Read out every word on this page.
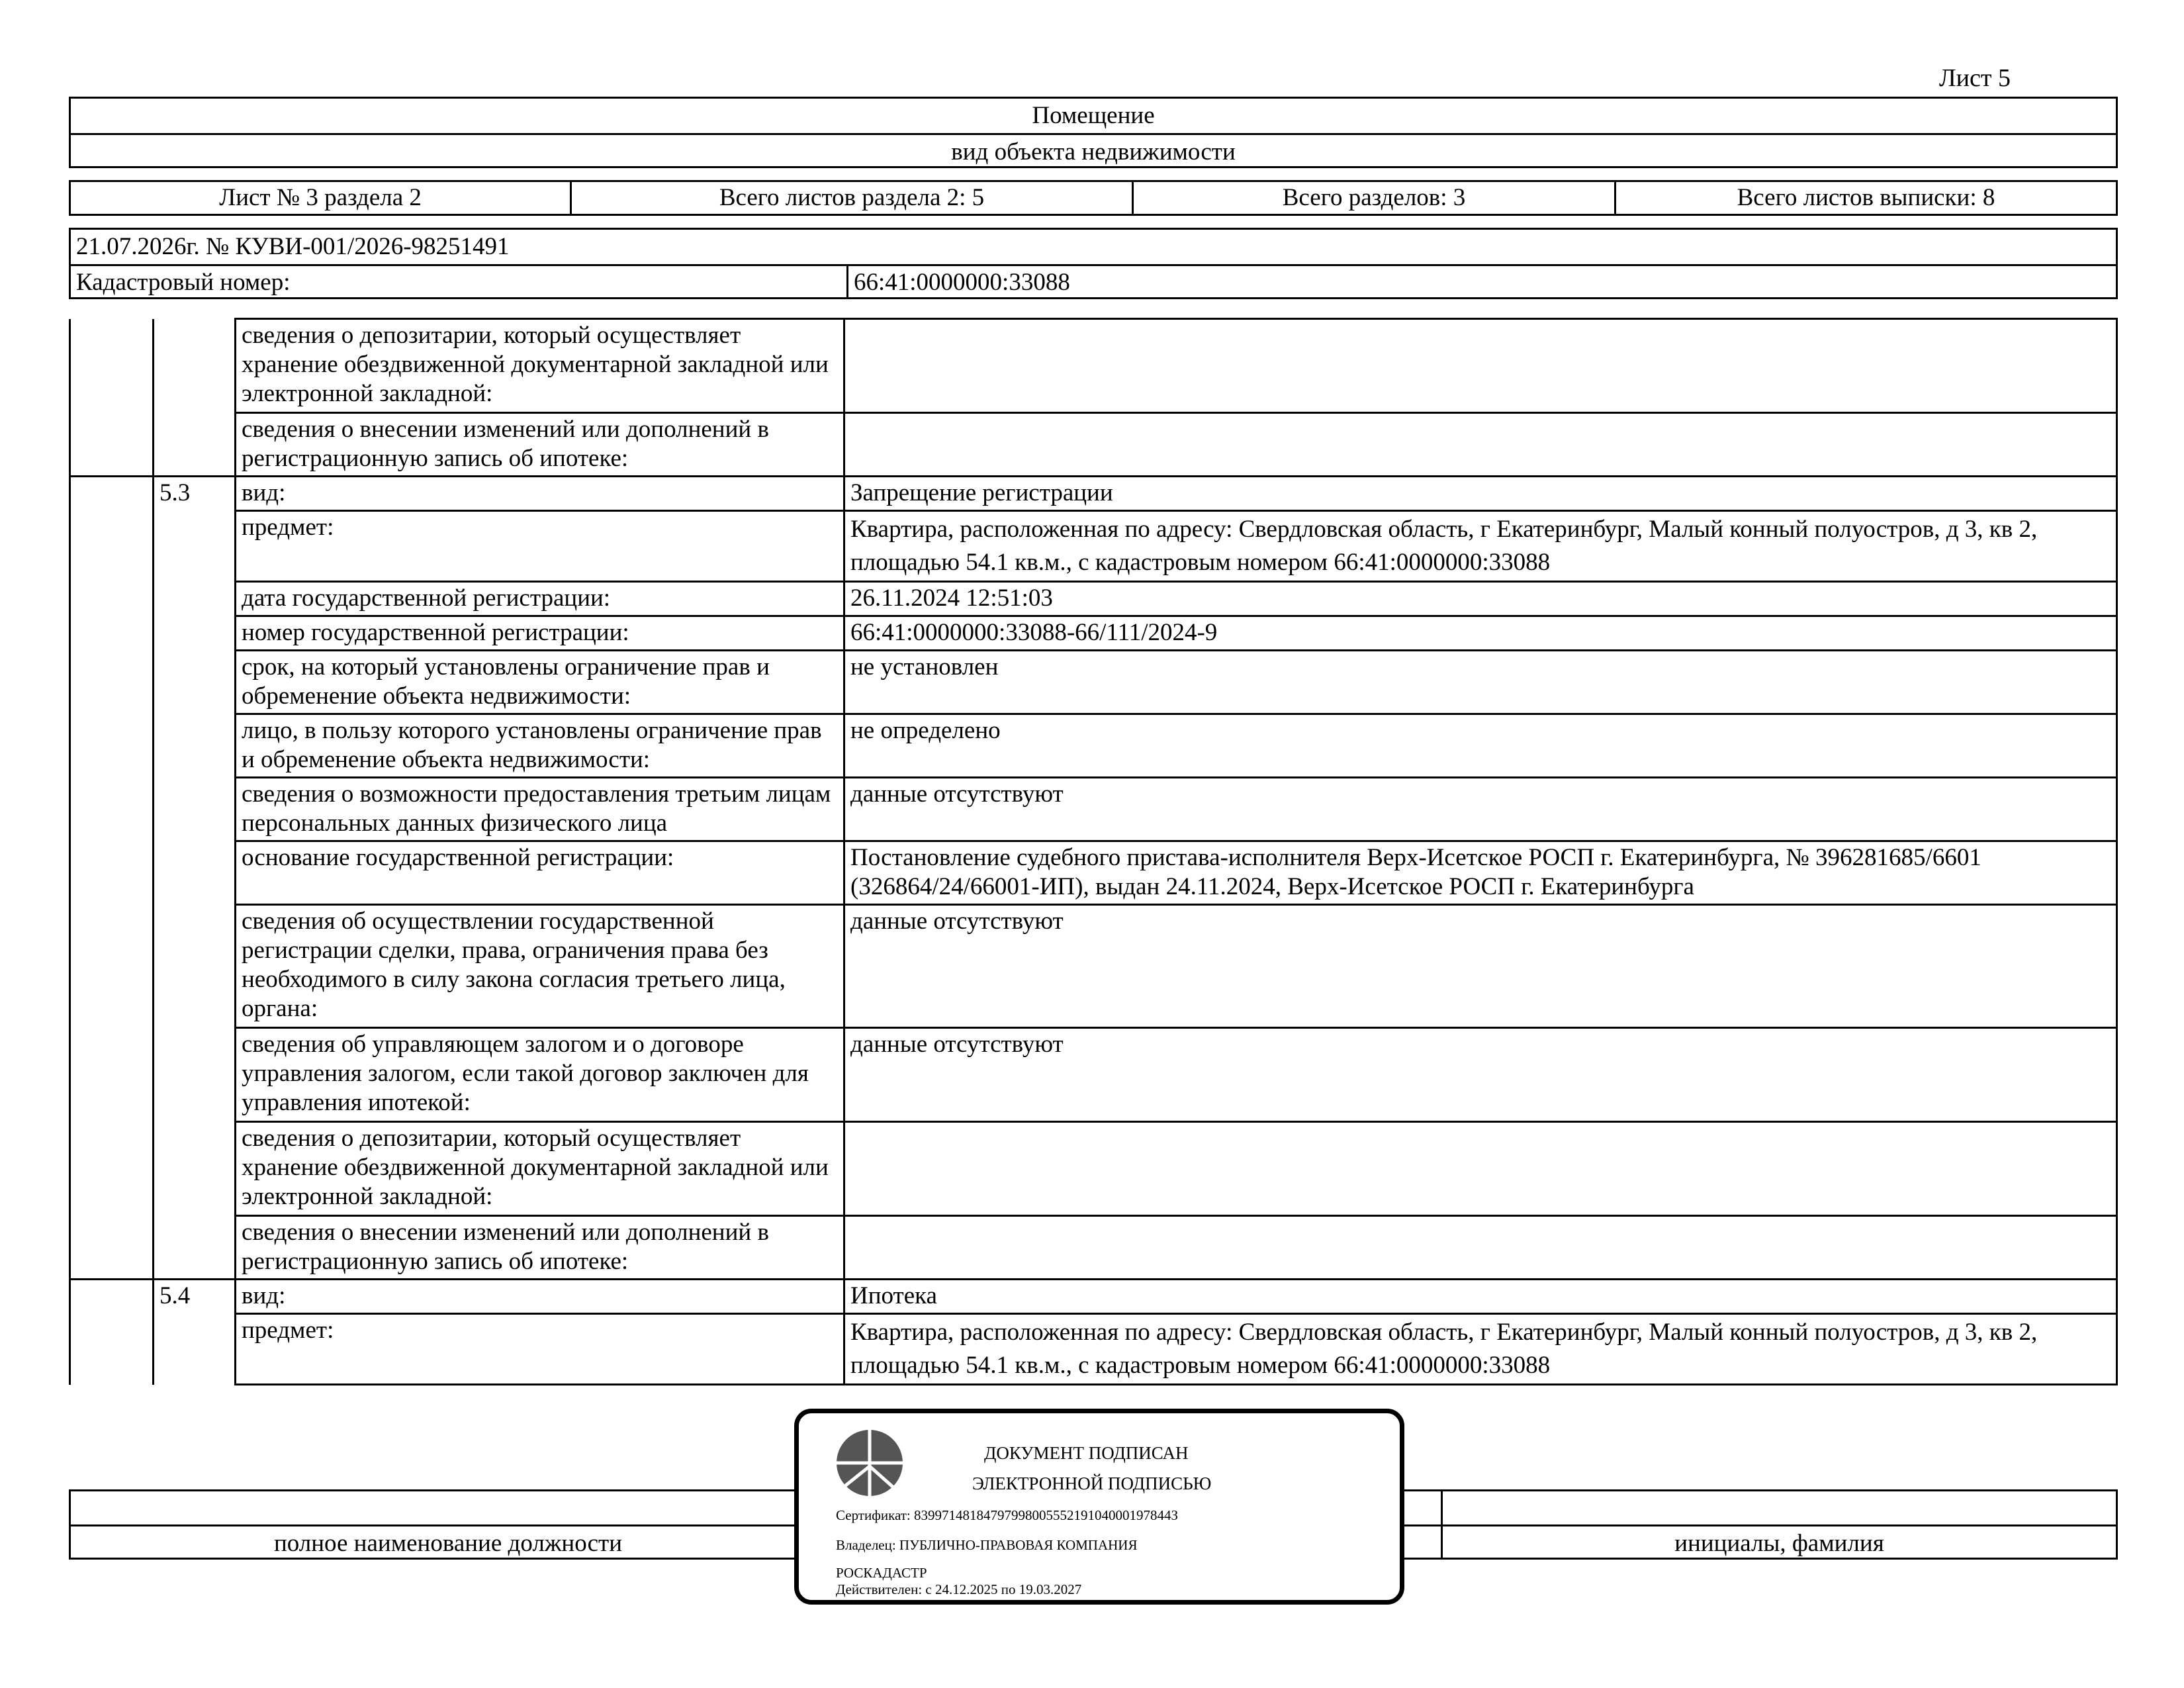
Лист 5
Помещение
вид объекта недвижимости
Лист № 3 раздела 2	Всего листов раздела 2: 5	Всего разделов: 3	Всего листов выписки: 8
21.07.2026г. № КУВИ-001/2026-98251491
Кадастровый номер:	66:41:0000000:33088
		сведения о депозитарии, который осуществляет хранение обездвиженной документарной закладной или электронной закладной:	
		сведения о внесении изменений или дополнений в регистрационную запись об ипотеке:	
	5.3	вид:	Запрещение регистрации
		предмет:	Квартира, расположенная по адресу: Свердловская область, г Екатеринбург, Малый конный полуостров, д 3, кв 2, площадью 54.1 кв.м., с кадастровым номером 66:41:0000000:33088
		дата государственной регистрации:	26.11.2024 12:51:03
		номер государственной регистрации:	66:41:0000000:33088-66/111/2024-9
		срок, на который установлены ограничение прав и обременение объекта недвижимости:	не установлен
		лицо, в пользу которого установлены ограничение прав и обременение объекта недвижимости:	не определено
		сведения о возможности предоставления третьим лицам персональных данных физического лица	данные отсутствуют
		основание государственной регистрации:	Постановление судебного пристава-исполнителя Верх-Исетское РОСП г. Екатеринбурга, № 396281685/6601 (326864/24/66001-ИП), выдан 24.11.2024, Верх-Исетское РОСП г. Екатеринбурга
		сведения об осуществлении государственной регистрации сделки, права, ограничения права без необходимого в силу закона согласия третьего лица, органа:	данные отсутствуют
		сведения об управляющем залогом и о договоре управления залогом, если такой договор заключен для управления ипотекой:	данные отсутствуют
		сведения о депозитарии, который осуществляет хранение обездвиженной документарной закладной или электронной закладной:	
		сведения о внесении изменений или дополнений в регистрационную запись об ипотеке:	
	5.4	вид:	Ипотека
		предмет:	Квартира, расположенная по адресу: Свердловская область, г Екатеринбург, Малый конный полуостров, д 3, кв 2, площадью 54.1 кв.м., с кадастровым номером 66:41:0000000:33088
полное наименование должности	инициалы, фамилия
ДОКУМЕНТ ПОДПИСАН
ЭЛЕКТРОННОЙ ПОДПИСЬЮ
Сертификат: 8399714818479799800555219104000197844З
Владелец: ПУБЛИЧНО-ПРАВОВАЯ КОМПАНИЯ РОСКАДАСТР
Действителен: с 24.12.2025 по 19.03.2027
